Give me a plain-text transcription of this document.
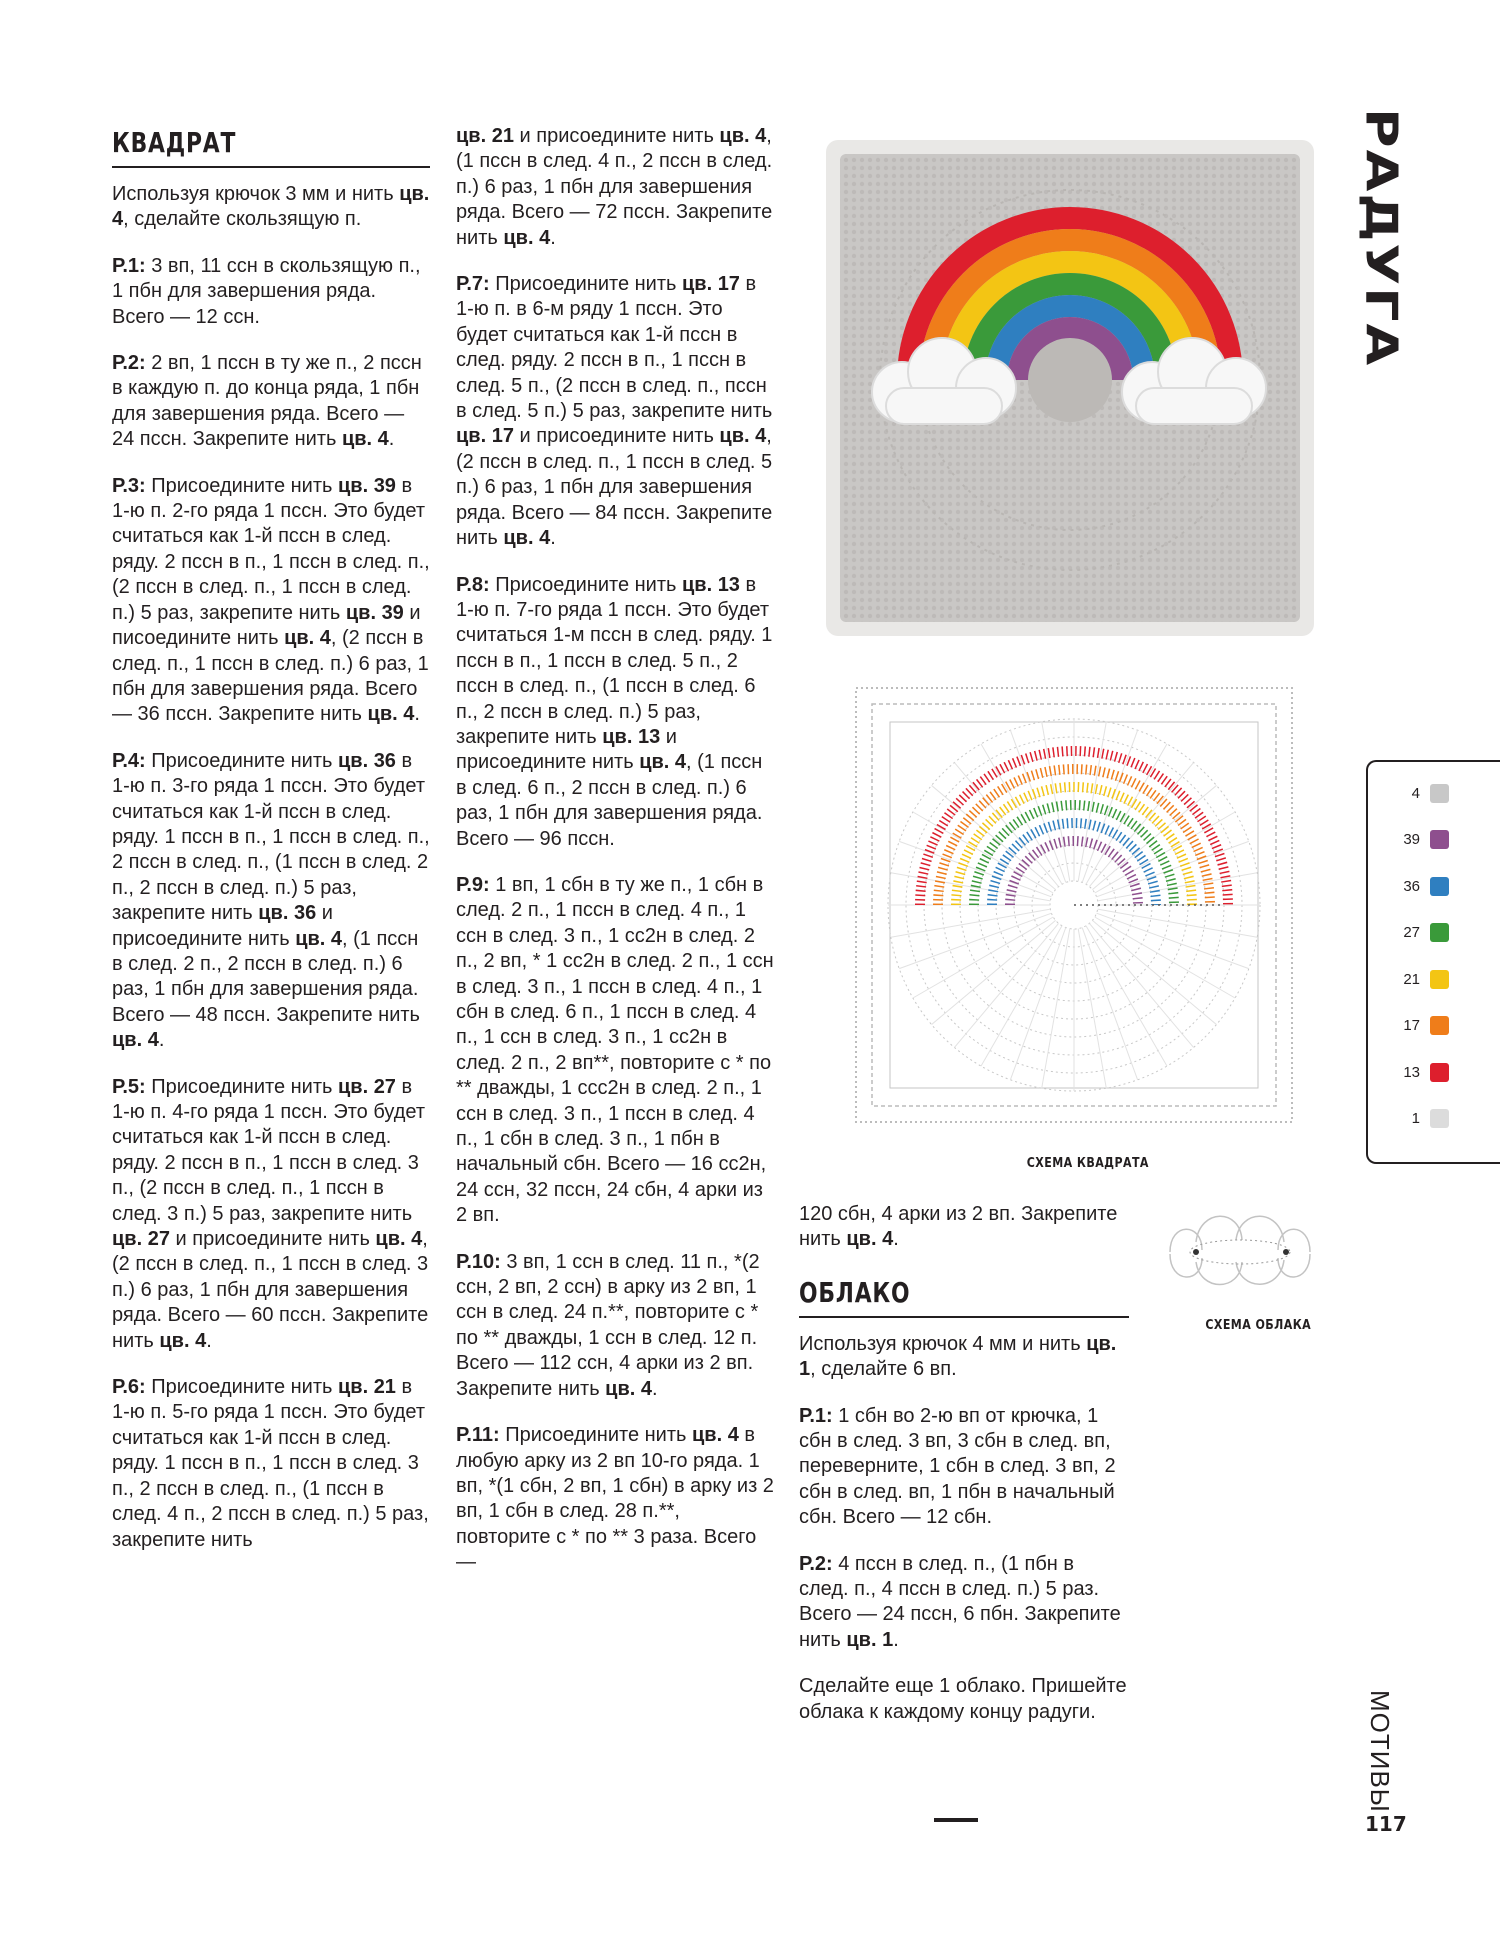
КВАДРАТ

Используя крючок 3 мм и нить цв. 4, сделайте скользящую п.

Р.1: 3 вп, 11 ссн в скользящую п., 1 пбн для завершения ряда. Всего — 12 ссн.

Р.2: 2 вп, 1 пссн в ту же п., 2 пссн в каждую п. до конца ряда, 1 пбн для завершения ряда. Всего — 24 пссн. Закрепите нить цв. 4.

Р.3: Присоедините нить цв. 39 в 1-ю п. 2-го ряда 1 пссн. Это будет считаться как 1-й пссн в след. ряду. 2 пссн в п., 1 пссн в след. п., (2 пссн в след. п., 1 пссн в след. п.) 5 раз, закрепите нить цв. 39 и писоедините нить цв. 4, (2 пссн в след. п., 1 пссн в след. п.) 6 раз, 1 пбн для завершения ряда. Всего — 36 пссн. Закрепите нить цв. 4.

Р.4: Присоедините нить цв. 36 в 1-ю п. 3-го ряда 1 пссн. Это будет считаться как 1-й пссн в след. ряду. 1 пссн в п., 1 пссн в след. п., 2 пссн в след. п., (1 пссн в след. 2 п., 2 пссн в след. п.) 5 раз, закрепите нить цв. 36 и присоедините нить цв. 4, (1 пссн в след. 2 п., 2 пссн в след. п.) 6 раз, 1 пбн для завершения ряда. Всего — 48 пссн. Закрепите нить цв. 4.

Р.5: Присоедините нить цв. 27 в 1-ю п. 4-го ряда 1 пссн. Это будет считаться как 1-й пссн в след. ряду. 2 пссн в п., 1 пссн в след. 3 п., (2 пссн в след. п., 1 пссн в след. 3 п.) 5 раз, закрепите нить цв. 27 и присоедините нить цв. 4, (2 пссн в след. п., 1 пссн в след. 3 п.) 6 раз, 1 пбн для завершения ряда. Всего — 60 пссн. Закрепите нить цв. 4.

Р.6: Присоедините нить цв. 21 в 1-ю п. 5-го ряда 1 пссн. Это будет считаться как 1-й пссн в след. ряду. 1 пссн в п., 1 пссн в след. 3 п., 2 пссн в след. п., (1 пссн в след. 4 п., 2 пссн в след. п.) 5 раз, закрепите нить

цв. 21 и присоедините нить цв. 4, (1 пссн в след. 4 п., 2 пссн в след. п.) 6 раз, 1 пбн для завершения ряда. Всего — 72 пссн. Закрепите нить цв. 4.

Р.7: Присоедините нить цв. 17 в 1-ю п. в 6-м ряду 1 пссн. Это будет считаться как 1-й пссн в след. ряду. 2 пссн в п., 1 пссн в след. 5 п., (2 пссн в след. п., пссн в след. 5 п.) 5 раз, закрепите нить цв. 17 и присоедините нить цв. 4, (2 пссн в след. п., 1 пссн в след. 5 п.) 6 раз, 1 пбн для завершения ряда. Всего — 84 пссн. Закрепите нить цв. 4.

Р.8: Присоедините нить цв. 13 в 1-ю п. 7-го ряда 1 пссн. Это будет считаться 1-м пссн в след. ряду. 1 пссн в п., 1 пссн в след. 5 п., 2 пссн в след. п., (1 пссн в след. 6 п., 2 пссн в след. п.) 5 раз, закрепите нить цв. 13 и присоедините нить цв. 4, (1 пссн в след. 6 п., 2 пссн в след. п.) 6 раз, 1 пбн для завершения ряда. Всего — 96 пссн.

Р.9: 1 вп, 1 сбн в ту же п., 1 сбн в след. 2 п., 1 пссн в след. 4 п., 1 ссн в след. 3 п., 1 сс2н в след. 2 п., 2 вп, * 1 сс2н в след. 2 п., 1 ссн в след. 3 п., 1 пссн в след. 4 п., 1 сбн в след. 6 п., 1 пссн в след. 4 п., 1 ссн в след. 3 п., 1 сс2н в след. 2 п., 2 вп**, повторите с * по ** дважды, 1 ссс2н в след. 2 п., 1 ссн в след. 3 п., 1 пссн в след. 4 п., 1 сбн в след. 3 п., 1 пбн в начальный сбн. Всего — 16 сс2н, 24 ссн, 32 пссн, 24 сбн, 4 арки из 2 вп.

Р.10: 3 вп, 1 ссн в след. 11 п., *(2 ссн, 2 вп, 2 ссн) в арку из 2 вп, 1 ссн в след. 24 п.**, повторите с * по ** дважды, 1 ссн в след. 12 п. Всего — 112 ссн, 4 арки из 2 вп. Закрепите нить цв. 4.

Р.11: Присоедините нить цв. 4 в любую арку из 2 вп 10-го ряда. 1 вп, *(1 сбн, 2 вп, 1 сбн) в арку из 2 вп, 1 сбн в след. 28 п.**, повторите с * по ** 3 раза. Всего —

120 сбн, 4 арки из 2 вп. Закрепите нить цв. 4.

ОБЛАКО

Используя крючок 4 мм и нить цв. 1, сделайте 6 вп.

Р.1: 1 сбн во 2-ю вп от крючка, 1 сбн в след. 3 вп, 3 сбн в след. вп, переверните, 1 сбн в след. 3 вп, 2 сбн в след. вп, 1 пбн в начальный сбн. Всего — 12 сбн.

Р.2: 4 пссн в след. п., (1 пбн в след. п., 4 пссн в след. п.) 5 раз. Всего — 24 пссн, 6 пбн. Закрепите нить цв. 1.

Сделайте еще 1 облако. Пришейте облака к каждому концу радуги.

РАДУГА
СХЕМА КВАДРАТА
СХЕМА ОБЛАКА
4
39
36
27
21
17
13
1
МОТИВЫ
117
